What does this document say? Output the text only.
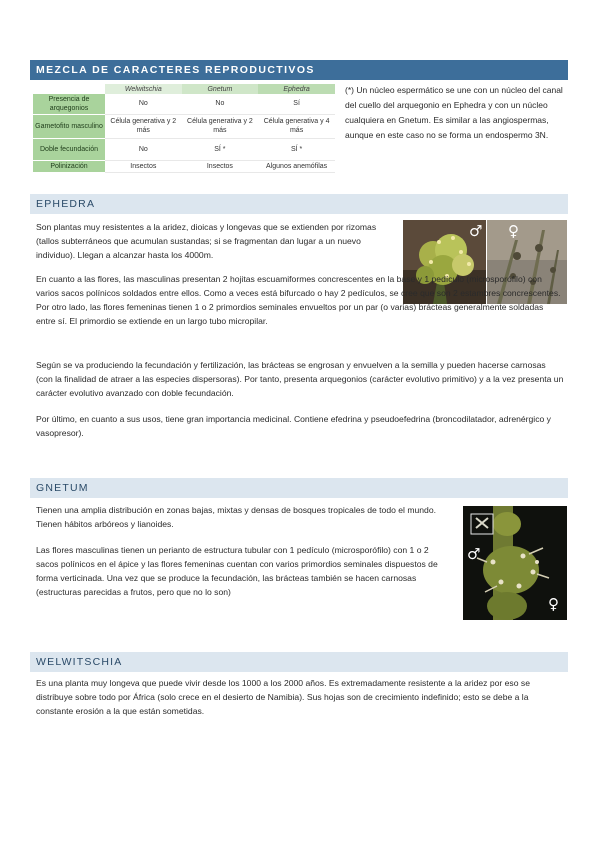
MEZCLA DE CARACTERES REPRODUCTIVOS
	Welwitschia	Gnetum	Ephedra
Presencia de arquegonios	No	No	Sí
Gametofito masculino	Célula generativa y 2 más	Célula generativa y 2 más	Célula generativa y 4 más
Doble fecundación	No	SÍ *	SÍ *
Polinización	Insectos	Insectos	Algunos anemófilas

(*) Un núcleo espermático se une con un núcleo del canal del cuello del arquegonio en Ephedra y con un núcleo cualquiera en Gnetum. Es similar a las angiospermas, aunque en este caso no se forma un endospermo 3N.

EPHEDRA

Son plantas muy resistentes a la aridez, dioicas y longevas que se extienden por rizomas (tallos subterráneos que acumulan sustandas; si se fragmentan dan lugar a un nuevo individuo). Llegan a alcanzar hasta los 4000m.

♂ ♀

En cuanto a las flores, las masculinas presentan 2 hojitas escuamiformes concrescentes en la base y 1 pedículo (microsporófilo) con varios sacos polínicos soldados entre ellos. Como a veces está bifurcado o hay 2 pedículos, se cree que son 2 estambres concrescentes. Por otro lado, las flores femeninas tienen 1 o 2 primordios seminales envueltos por un par (o varias) brácteas generalmente soldadas entre sí. El primordio se extiende en un largo tubo micropilar.

Según se va produciendo la fecundación y fertilización, las brácteas se engrosan y envuelven a la semilla y pueden hacerse carnosas (con la finalidad de atraer a las especies dispersoras). Por tanto, presenta arquegonios (carácter evolutivo primitivo) y a la vez presenta un carácter evolutivo avanzado con doble fecundación.

Por último, en cuanto a sus usos, tiene gran importancia medicinal. Contiene efedrina y pseudoefedrina (broncodilatador, adrenérgico y vasopresor).

GNETUM

Tienen una amplia distribución en zonas bajas, mixtas y densas de bosques tropicales de todo el mundo. Tienen hábitos arbóreos y lianoides.

Las flores masculinas tienen un perianto de estructura tubular con 1 pedículo (microsporófilo) con 1 o 2 sacos polínicos en el ápice y las flores femeninas cuentan con varios primordios seminales dispuestos de forma verticinada. Una vez que se produce la fecundación, las brácteas también se hacen carnosas (estructuras parecidas a frutos, pero que no lo son)

♂
♀
WELWITSCHIA

Es una planta muy longeva que puede vivir desde los 1000 a los 2000 años. Es extremadamente resistente a la aridez por eso se distribuye sobre todo por África (solo crece en el desierto de Namibia). Sus hojas son de crecimiento indefinido; esto se debe a la constante erosión a la que están sometidas.
